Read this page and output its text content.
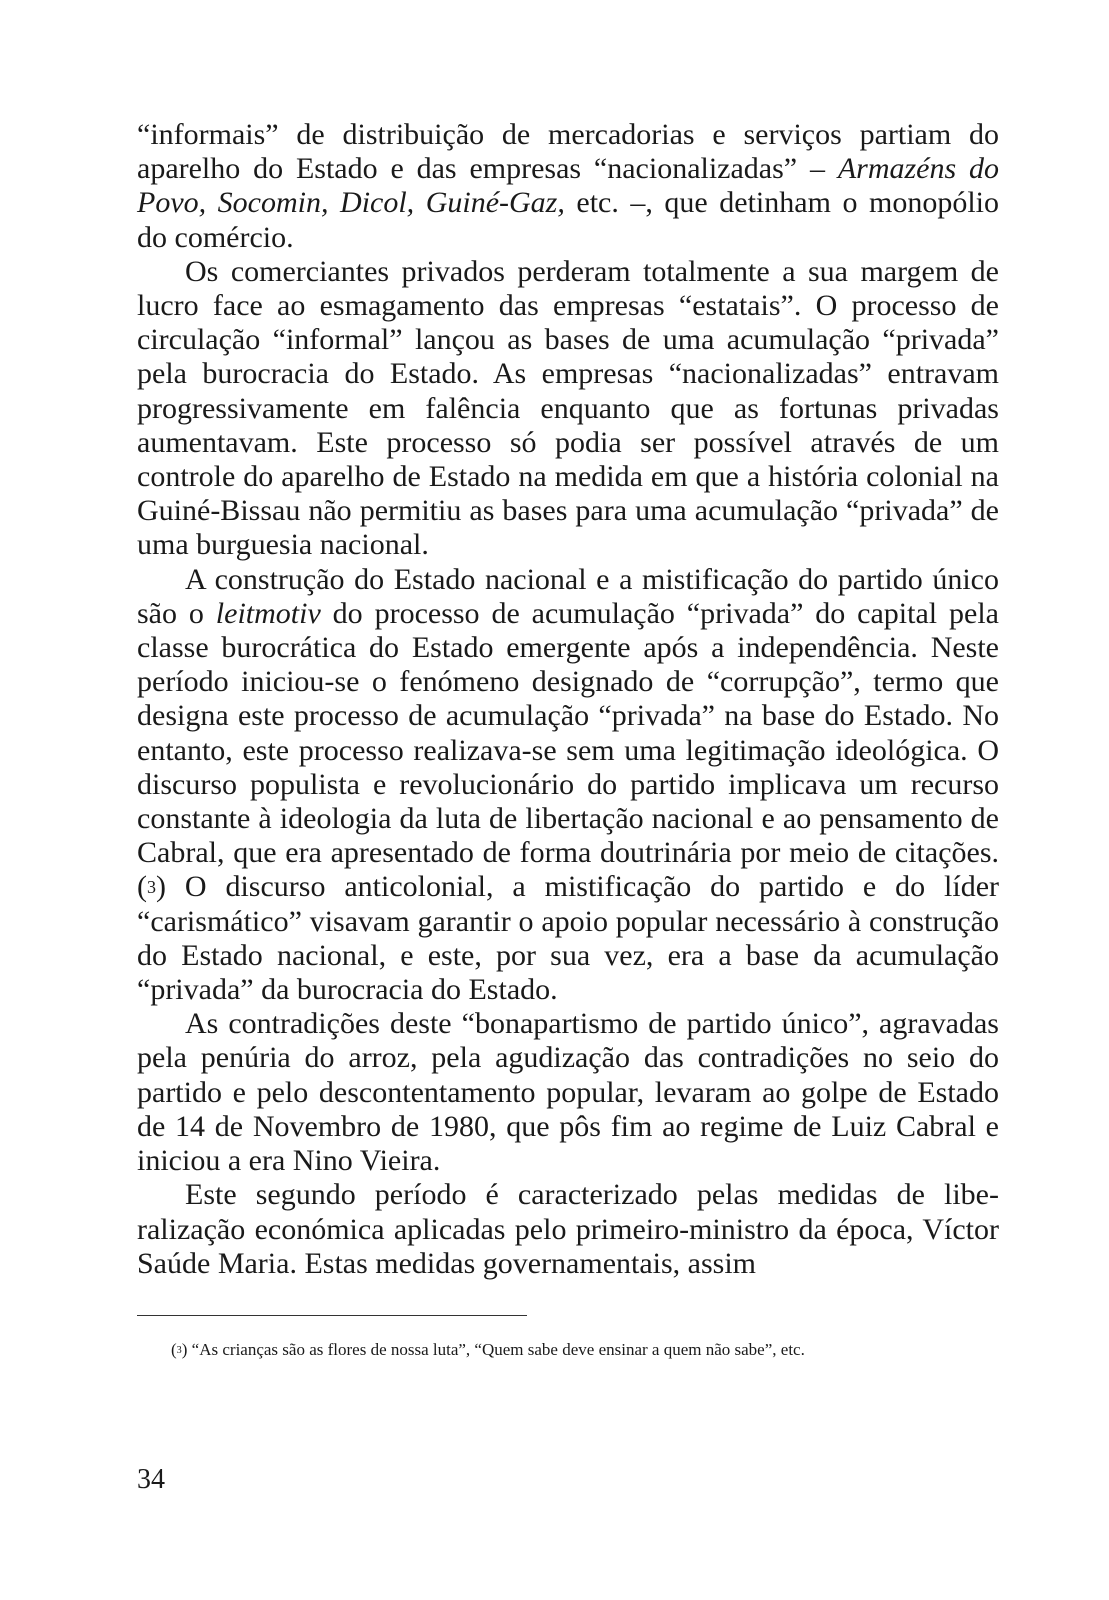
“informais” de distribuição de mercadorias e serviços partiam do aparelho do Estado e das empresas “nacionalizadas” – Armazéns do Povo, Socomin, Dicol, Guiné-Gaz, etc. –, que detinham o monopólio do comércio.

Os comerciantes privados perderam totalmente a sua margem de lucro face ao esmagamento das empresas “estatais”. O processo de circulação “informal” lançou as bases de uma acumulação “privada” pela burocracia do Estado. As empresas “nacionalizadas” entravam progressivamente em falência enquanto que as fortunas privadas aumentavam. Este processo só podia ser possível através de um controle do aparelho de Estado na medida em que a história colonial na Guiné-Bissau não permitiu as bases para uma acumulação “privada” de uma burguesia nacional.

A construção do Estado nacional e a mistificação do partido único são o leitmotiv do processo de acumulação “privada” do capital pela classe burocrática do Estado emergente após a independência. Neste período iniciou-se o fenómeno designado de “corrupção”, termo que designa este processo de acumulação “privada” na base do Estado. No entanto, este processo realizava-se sem uma legitimação ideológica. O discurso populista e revolucionário do partido implicava um recurso constante à ideologia da luta de libertação nacional e ao pensamento de Cabral, que era apresentado de forma doutrinária por meio de citações.($^3$) O discurso anticolonial, a mistificação do partido e do líder “carismático” visavam garantir o apoio popular necessário à construção do Estado nacional, e este, por sua vez, era a base da acumulação “privada” da burocracia do Estado.

As contradições deste “bonapartismo de partido único”, agravadas pela penúria do arroz, pela agudização das contradições no seio do partido e pelo descontentamento popular, levaram ao golpe de Estado de 14 de Novembro de 1980, que pôs fim ao regime de Luiz Cabral e iniciou a era Nino Vieira.

Este segundo período é caracterizado pelas medidas de liberalização económica aplicadas pelo primeiro-ministro da época, Víctor Saúde Maria. Estas medidas governamentais, assim

($^3$) “As crianças são as flores de nossa luta”, “Quem sabe deve ensinar a quem não sabe”, etc.

34
